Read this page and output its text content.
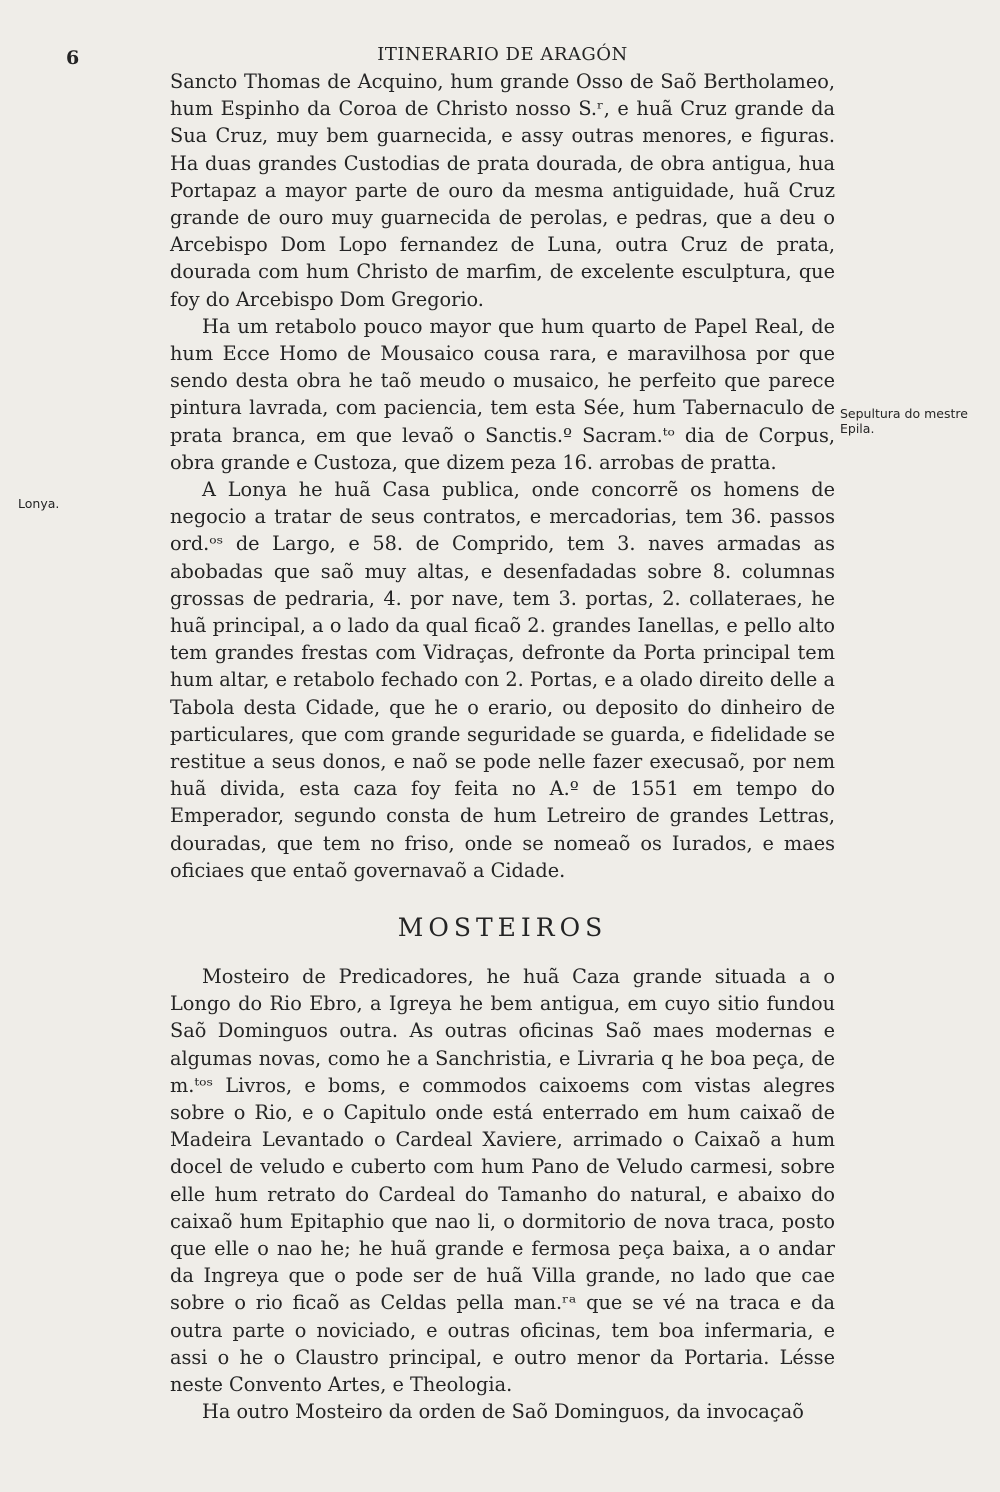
6	ITINERARIO DE ARAGÓN
Lonya.
Sepultura do mestre Epila.

Sancto Thomas de Acquino, hum grande Osso de Saõ Bertholameo, hum Espinho da Coroa de Christo nosso S.ʳ, e huã Cruz grande da Sua Cruz, muy bem guarnecida, e assy outras menores, e figuras. Ha duas grandes Custodias de prata dourada, de obra antigua, hua Portapaz a mayor parte de ouro da mesma antiguidade, huã Cruz grande de ouro muy guarnecida de perolas, e pedras, que a deu o Arcebispo Dom Lopo fernandez de Luna, outra Cruz de prata, dourada com hum Christo de marfim, de excelente esculptura, que foy do Arcebispo Dom Gregorio.

Ha um retabolo pouco mayor que hum quarto de Papel Real, de hum Ecce Homo de Mousaico cousa rara, e maravilhosa por que sendo desta obra he taõ meudo o musaico, he perfeito que parece pintura lavrada, com paciencia, tem esta Sée, hum Tabernaculo de prata branca, em que levaõ o Sanctis.º Sacram.ᵗᵒ dia de Corpus, obra grande e Custoza, que dizem peza 16. arrobas de pratta.

A Lonya he huã Casa publica, onde concorrẽ os homens de negocio a tratar de seus contratos, e mercadorias, tem 36. passos ord.ᵒˢ de Largo, e 58. de Comprido, tem 3. naves armadas as abobadas que saõ muy altas, e desenfadadas sobre 8. columnas grossas de pedraria, 4. por nave, tem 3. portas, 2. collateraes, he huã principal, a o lado da qual ficaõ 2. grandes Ianellas, e pello alto tem grandes frestas com Vidraças, defronte da Porta principal tem hum altar, e retabolo fechado con 2. Portas, e a olado direito delle a Tabola desta Cidade, que he o erario, ou deposito do dinheiro de particulares, que com grande seguridade se guarda, e fidelidade se restitue a seus donos, e naõ se pode nelle fazer execusaõ, por nem huã divida, esta caza foy feita no A.º de 1551 em tempo do Emperador, segundo consta de hum Letreiro de grandes Lettras, douradas, que tem no friso, onde se nomeaõ os Iurados, e maes oficiaes que entaõ governavaõ a Cidade.

MOSTEIROS

Mosteiro de Predicadores, he huã Caza grande situada a o Longo do Rio Ebro, a Igreya he bem antigua, em cuyo sitio fundou Saõ Dominguos outra. As outras oficinas Saõ maes modernas e algumas novas, como he a Sanchristia, e Livraria q he boa peça, de m.ᵗᵒˢ Livros, e boms, e commodos caixoems com vistas alegres sobre o Rio, e o Capitulo onde está enterrado em hum caixaõ de Madeira Levantado o Cardeal Xaviere, arrimado o Caixaõ a hum docel de veludo e cuberto com hum Pano de Veludo carmesi, sobre elle hum retrato do Cardeal do Tamanho do natural, e abaixo do caixaõ hum Epitaphio que nao li, o dormitorio de nova traca, posto que elle o nao he; he huã grande e fermosa peça baixa, a o andar da Ingreya que o pode ser de huã Villa grande, no lado que cae sobre o rio ficaõ as Celdas pella man.ʳᵃ que se vé na traca e da outra parte o noviciado, e outras oficinas, tem boa infermaria, e assi o he o Claustro principal, e outro menor da Portaria. Lésse neste Convento Artes, e Theologia.

Ha outro Mosteiro da orden de Saõ Dominguos, da invocaçaõ
